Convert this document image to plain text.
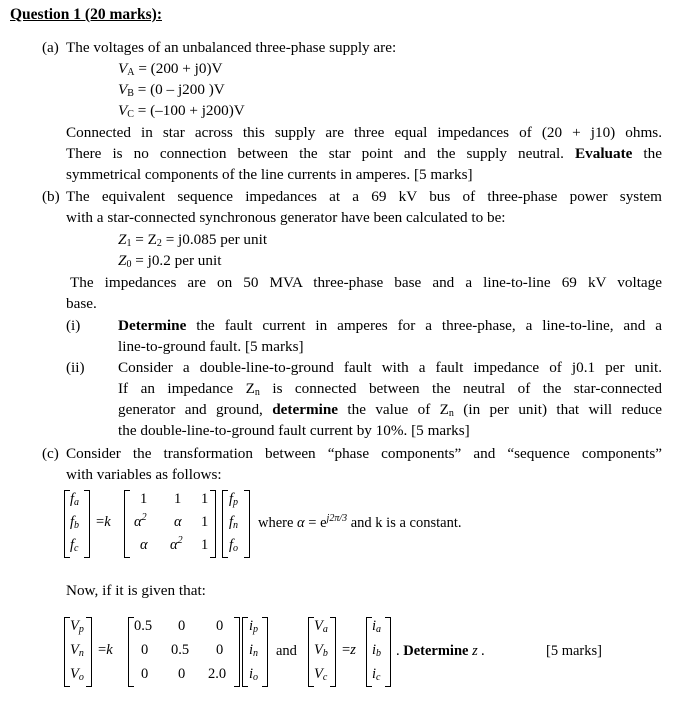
Question 1 (20 marks):
(a) The voltages of an unbalanced three-phase supply are:
$V_A = (200 + j0)V$
$V_B = (0 - j200$ )V
$V_C = (-100 + j200)V$
Connected in star across this supply are three equal impedances of (20 + j10) ohms.
There is no connection between the star point and the supply neutral. Evaluate the
symmetrical components of the line currents in amperes. [5 marks]
(b) The equivalent sequence impedances at a 69 kV bus of three-phase power system
with a star-connected synchronous generator have been calculated to be:
$Z_1 = Z_2 = j0.085$ per unit
$Z_0 = j0.2$ per unit
The impedances are on 50 MVA three-phase base and a line-to-line 69 kV voltage
base.
(i) Determine the fault current in amperes for a three-phase, a line-to-line, and a
line-to-ground fault. [5 marks]
(ii) Consider a double-line-to-ground fault with a fault impedance of j0.1 per unit.
If an impedance $Z_n$ is connected between the neutral of the star-connected
generator and ground, determine the value of $Z_n$ (in per unit) that will reduce
the double-line-to-ground fault current by 10%. [5 marks]
(c) Consider the transformation between “phase components” and “sequence components”
with variables as follows:
$f_a$
$f_b$
$f_c$
=k
1 1 1
$\alpha^2$ α 1
α $\alpha^2$ 1
$f_p$
$f_n$
$f_o$
where $\alpha = e^{j2\pi/3}$ and k is a constant.
Now, if it is given that:
$V_p$
$V_n$
$V_o$
=k
0.5 0 0
0 0.5 0
0 0 2.0
$i_p$
$i_n$
$i_o$
and
$V_a$
$V_b$
$V_c$
=z
$i_a$
$i_b$
$i_c$
. Determine z .	[5 marks]
